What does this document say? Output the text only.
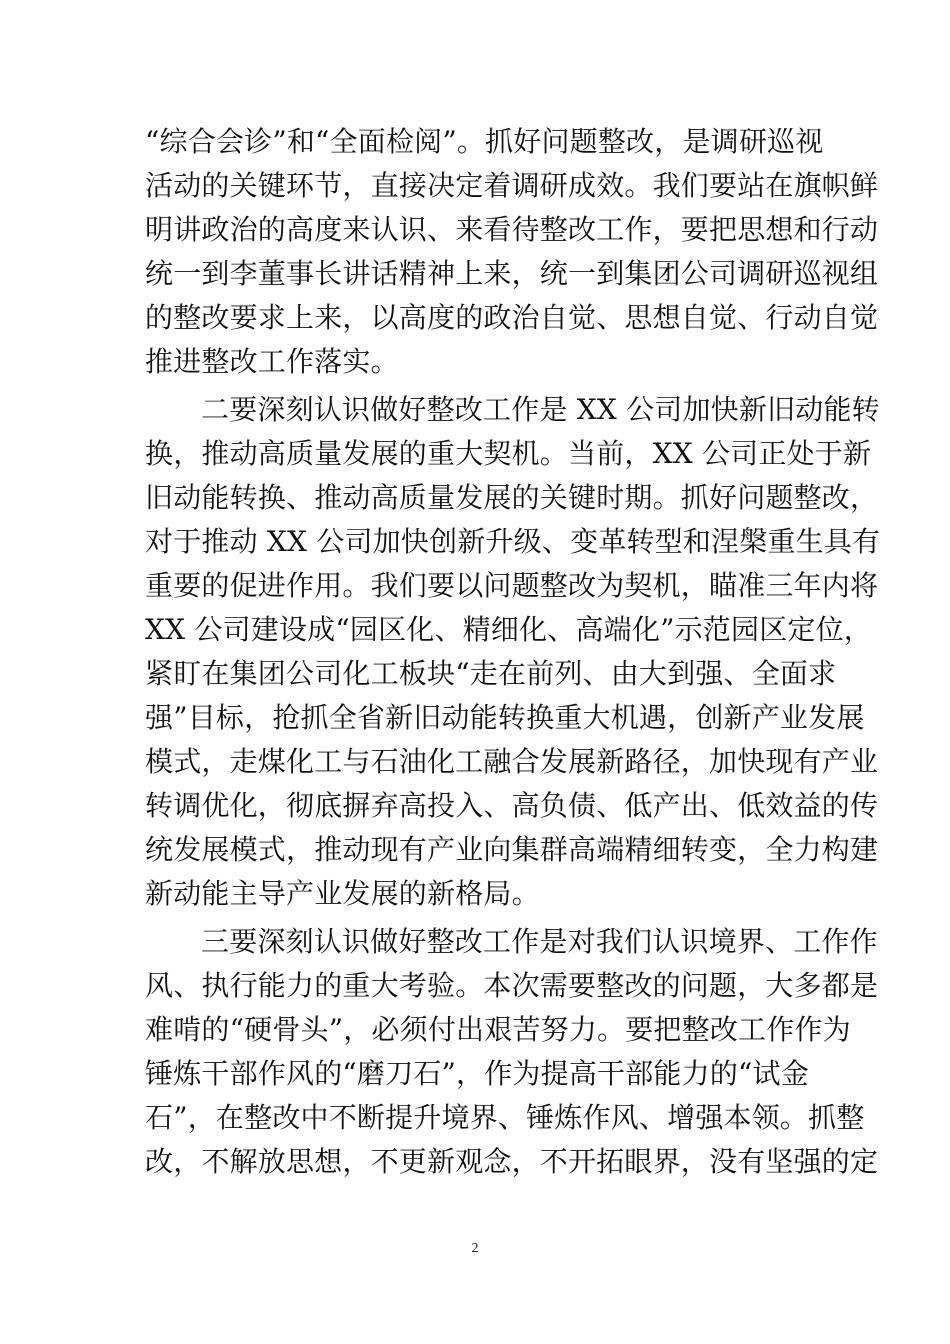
“综合会诊”和“全面检阅”。抓好问题整改，是调研巡视
活动的关键环节，直接决定着调研成效。我们要站在旗帜鲜
明讲政治的高度来认识、来看待整改工作，要把思想和行动
统一到李董事长讲话精神上来，统一到集团公司调研巡视组
的整改要求上来，以高度的政治自觉、思想自觉、行动自觉
推进整改工作落实。
二要深刻认识做好整改工作是 XX 公司加快新旧动能转
换，推动高质量发展的重大契机。当前，XX 公司正处于新
旧动能转换、推动高质量发展的关键时期。抓好问题整改，
对于推动 XX 公司加快创新升级、变革转型和涅槃重生具有
重要的促进作用。我们要以问题整改为契机，瞄准三年内将
XX 公司建设成“园区化、精细化、高端化”示范园区定位，
紧盯在集团公司化工板块“走在前列、由大到强、全面求
强”目标，抢抓全省新旧动能转换重大机遇，创新产业发展
模式，走煤化工与石油化工融合发展新路径，加快现有产业
转调优化，彻底摒弃高投入、高负债、低产出、低效益的传
统发展模式，推动现有产业向集群高端精细转变，全力构建
新动能主导产业发展的新格局。
三要深刻认识做好整改工作是对我们认识境界、工作作
风、执行能力的重大考验。本次需要整改的问题，大多都是
难啃的“硬骨头”，必须付出艰苦努力。要把整改工作作为
锤炼干部作风的“磨刀石”，作为提高干部能力的“试金
石”，在整改中不断提升境界、锤炼作风、增强本领。抓整
改，不解放思想，不更新观念，不开拓眼界，没有坚强的定
2
